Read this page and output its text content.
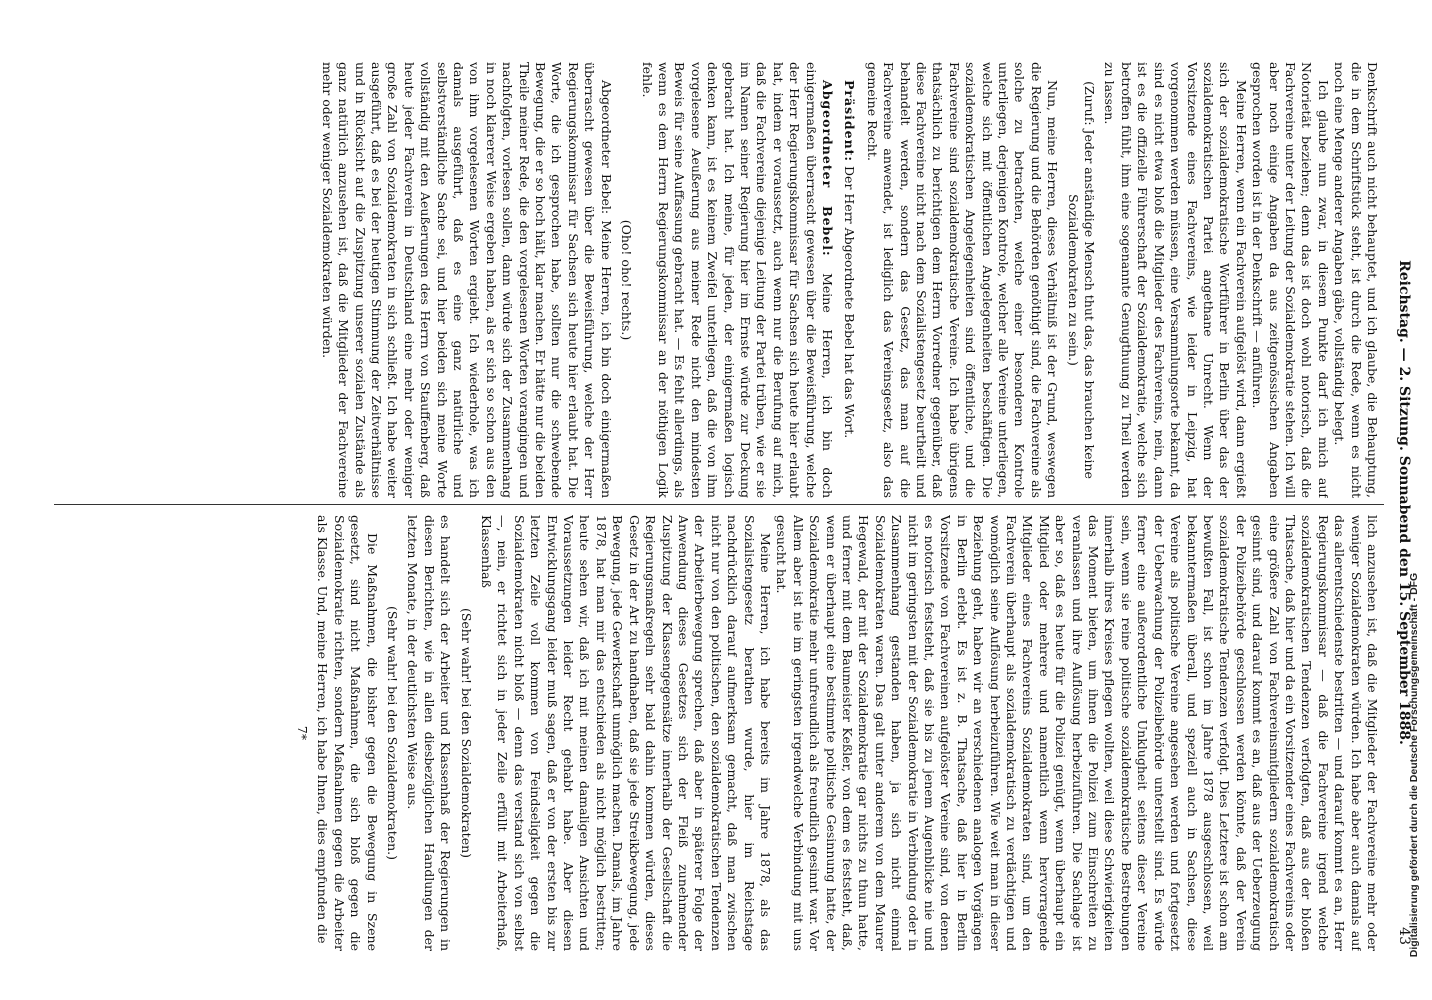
Reichstag. — 2. Sitzung. Sonnabend den 15. September 1888.
43

Denkschrift auch nicht behauptet, und ich glaube, die Behauptung, die in dem Schriftstück steht, ist durch die Rede, wenn es nicht noch eine Menge anderer Angaben gäbe, vollständig belegt.

Ich glaube nun zwar, in diesem Punkte darf ich mich auf Notorietät beziehen; denn das ist doch wohl notorisch, daß die Fachvereine unter der Leitung der Sozialdemokratie stehen. Ich will aber noch einige Angaben da aus zeitgenössischen Angaben gesprochen worden ist in der Denkschrift — anführen.

Meine Herren, wenn ein Fachverein aufgelöst wird, dann ergießt sich der sozialdemokratische Wortführer in Berlin über das der sozialdemokratischen Partei angethane Unrecht. Wenn der Vorsitzende eines Fachvereins, wie leider in Leipzig, hat vorgenommen werden müssen, eine Versammlungsorte bekannt, da sind es nicht etwa bloß die Mitglieder des Fachvereins, nein, dann ist es die offizielle Führerschaft der Sozialdemokratie, welche sich betroffen fühlt, ihm eine sogenannte Genugthuung zu Theil werden zu lassen.

(Zuruf: Jeder anständige Mensch thut das, das brauchen keine Sozialdemokraten zu sein.)

Nun, meine Herren, dieses Verhältniß ist der Grund, weswegen die Regierung und die Behörden genöthigt sind, die Fachvereine als solche zu betrachten, welche einer besonderen Kontrole unterliegen, derjenigen Kontrole, welcher alle Vereine unterliegen, welche sich mit öffentlichen Angelegenheiten beschäftigen. Die sozialdemokratischen Angelegenheiten sind öffentliche, und die Fachvereine sind sozialdemokratische Vereine. Ich habe übrigens thatsächlich zu berichtigen dem Herrn Vorredner gegenüber, daß diese Fachvereine nicht nach dem Sozialistengesetz beurtheilt und behandelt werden, sondern das Gesetz, das man auf die Fachvereine anwendet, ist lediglich das Vereinsgesetz, also das gemeine Recht.

Präsident: Der Herr Abgeordnete Bebel hat das Wort.

Abgeordneter Bebel: Meine Herren, ich bin doch einigermaßen überrascht gewesen über die Beweisführung, welche der Herr Regierungskommissar für Sachsen sich heute hier erlaubt hat, indem er voraussetzt, auch wenn nur die Berufung auf mich, daß die Fachvereine diejenige Leitung der Partei trüben, wie er sie im Namen seiner Regierung hier im Ernste würde zur Deckung gebracht hat. Ich meine, für jeden, der einigermaßen logisch denken kann, ist es keinem Zweifel unterliegen, daß die von ihm vorgelesene Aeußerung aus meiner Rede nicht den mindesten Beweis für seine Auffassung gebracht hat. — Es fehlt allerdings, als wenn es dem Herrn Regierungskommissar an der nöthigen Logik fehle.

(Oho! oho! rechts.)

Abgeordneter Bebel: Meine Herren, ich bin doch einigermaßen überrascht gewesen über die Beweisführung, welche der Herr Regierungskommissar für Sachsen sich heute hier erlaubt hat. Die Worte, die ich gesprochen habe, sollten nur die schwebende Bewegung, die er so hoch hält, klar machen. Er hätte nur die beiden Theile meiner Rede, die den vorgelesenen Worten vorangingen und nachfolgten, vorlesen sollen, dann würde sich der Zusammenhang in noch klarerer Weise ergeben haben, als er sich so schon aus den von ihm vorgelesenen Worten ergiebt. Ich wiederhole, was ich damals ausgeführt, daß es eine ganz natürliche und selbstverständliche Sache sei, und hier beiden sich meine Worte vollständig mit den Aeußerungen des Herrn von Stauffenberg, daß heute jeder Fachverein in Deutschland eine mehr oder weniger große Zahl von Sozialdemokraten in sich schließt. Ich habe weiter ausgeführt, daß es bei der heutigen Stimmung der Zeitverhältnisse und in Rücksicht auf die Zuspitzung unserer sozialen Zustände als ganz natürlich anzusehen ist, daß die Mitglieder der Fachvereine mehr oder weniger Sozialdemokraten würden.

lich anzusehen ist, daß die Mitglieder der Fachvereine mehr oder weniger Sozialdemokraten würden. Ich habe aber auch damals auf das allerentschiedenste bestritten — und darauf kommt es an, Herr Regierungskommissar — daß die Fachvereine irgend welche sozialdemokratischen Tendenzen verfolgten, daß aus der bloßen Thatsache, daß hier und da ein Vorsitzender eines Fachvereins oder eine größere Zahl von Fachvereinsmitgliedern sozialdemokratisch gesinnt sind, und darauf kommt es an, daß aus der Ueberzeugung der Polizeibehörde geschlossen werden könnte, daß der Verein sozialdemokratische Tendenzen verfolgt. Dies Letztere ist schon am bewußten Fall, ist schon im Jahre 1878 ausgeschlossen, weil bekanntermaßen überall, und speziell auch in Sachsen, diese Vereine als politische Vereine angesehen werden und fortgesetzt der Ueberwachung der Polizeibehörde unterstellt sind. Es würde ferner eine außerordentliche Unklugheit seitens dieser Vereine sein, wenn sie reine politische sozialdemokratische Bestrebungen innerhalb ihres Kreises pflegen wollten, weil diese Schwierigkeiten das Moment bieten, um ihnen die Polizei zum Einschreiten zu veranlassen und ihre Auflösung herbeizuführen. Die Sachlage ist aber so, daß es heute für die Polizei genügt, wenn überhaupt ein Mitglied oder mehrere und namentlich wenn hervorragende Mitglieder eines Fachvereins Sozialdemokraten sind, um den Fachverein überhaupt als sozialdemokratisch zu verdächtigen und womöglich seine Auflösung herbeizuführen. Wie weit man in dieser Beziehung geht, haben wir an verschiedenen analogen Vorgängen in Berlin erlebt. Es ist z. B. Thatsache, daß hier in Berlin Vorsitzende von Fachvereinen aufgelöster Vereine sind, von denen es notorisch feststeht, daß sie bis zu jenem Augenblicke nie und nicht im geringsten mit der Sozialdemokratie in Verbindung oder in Zusammenhang gestanden haben, ja sich nicht einmal Sozialdemokraten waren. Das galt unter anderem von dem Maurer Hegewald, der mit der Sozialdemokratie gar nichts zu thun hatte, und ferner mit dem Baumeister Keßler, von dem es feststeht, daß, wenn er überhaupt eine bestimmte politische Gesinnung hatte, der Sozialdemokratie mehr unfreundlich als freundlich gesinnt war. Vor Allem aber ist nie im geringsten irgendwelche Verbindung mit uns gesucht hat.

Meine Herren, ich habe bereits im Jahre 1878, als das Sozialistengesetz berathen wurde, hier im Reichstage nachdrücklich darauf aufmerksam gemacht, daß man zwischen nicht nur von den politischen, den sozialdemokratischen Tendenzen der Arbeiterbewegung sprechen, daß aber in späterer Folge der Anwendung dieses Gesetzes sich der Fleiß zunehmender Zuspitzung der Klassengegensätze innerhalb der Gesellschaft die Regierungsmaßregeln sehr bald dahin kommen würden, dieses Gesetz in der Art zu handhaben, daß sie jede Streikbewegung, jede Bewegung, jede Gewerkschaft unmöglich machen. Damals, im Jahre 1878, hat man mir das entschieden als nicht möglich bestritten; heute sehen wir, daß ich mit meinen damaligen Ansichten und Voraussetzungen leider Recht gehabt habe. Aber diesen Entwicklungsgang leider muß sagen, daß er von der ersten bis zur letzten Zeile voll kommen von Feindseligkeit gegen die Sozialdemokraten nicht bloß — denn das verstand sich von selbst —, nein, er richtet sich in jeder Zeile erfüllt mit Arbeiterhaß, Klassenhaß

(Sehr wahr! bei den Sozialdemokraten)

es handelt sich der Arbeiter und Klassenhaß der Regierungen in diesen Berichten, wie in allen diesbezüglichen Handlungen der letzten Monate, in der deutlichsten Weise aus.

(Sehr wahr! bei den Sozialdemokraten.)

Die Maßnahmen, die bisher gegen die Bewegung in Szene gesetzt, sind nicht Maßnahmen, die sich bloß gegen die Sozialdemokratie richten, sondern Maßnahmen gegen die Arbeiter als Klasse. Und, meine Herren, ich habe Ihnen, dies empfunden die

7*	Digitalisierung gefördert durch die Deutsche Forschungsgemeinschaft - DFG
